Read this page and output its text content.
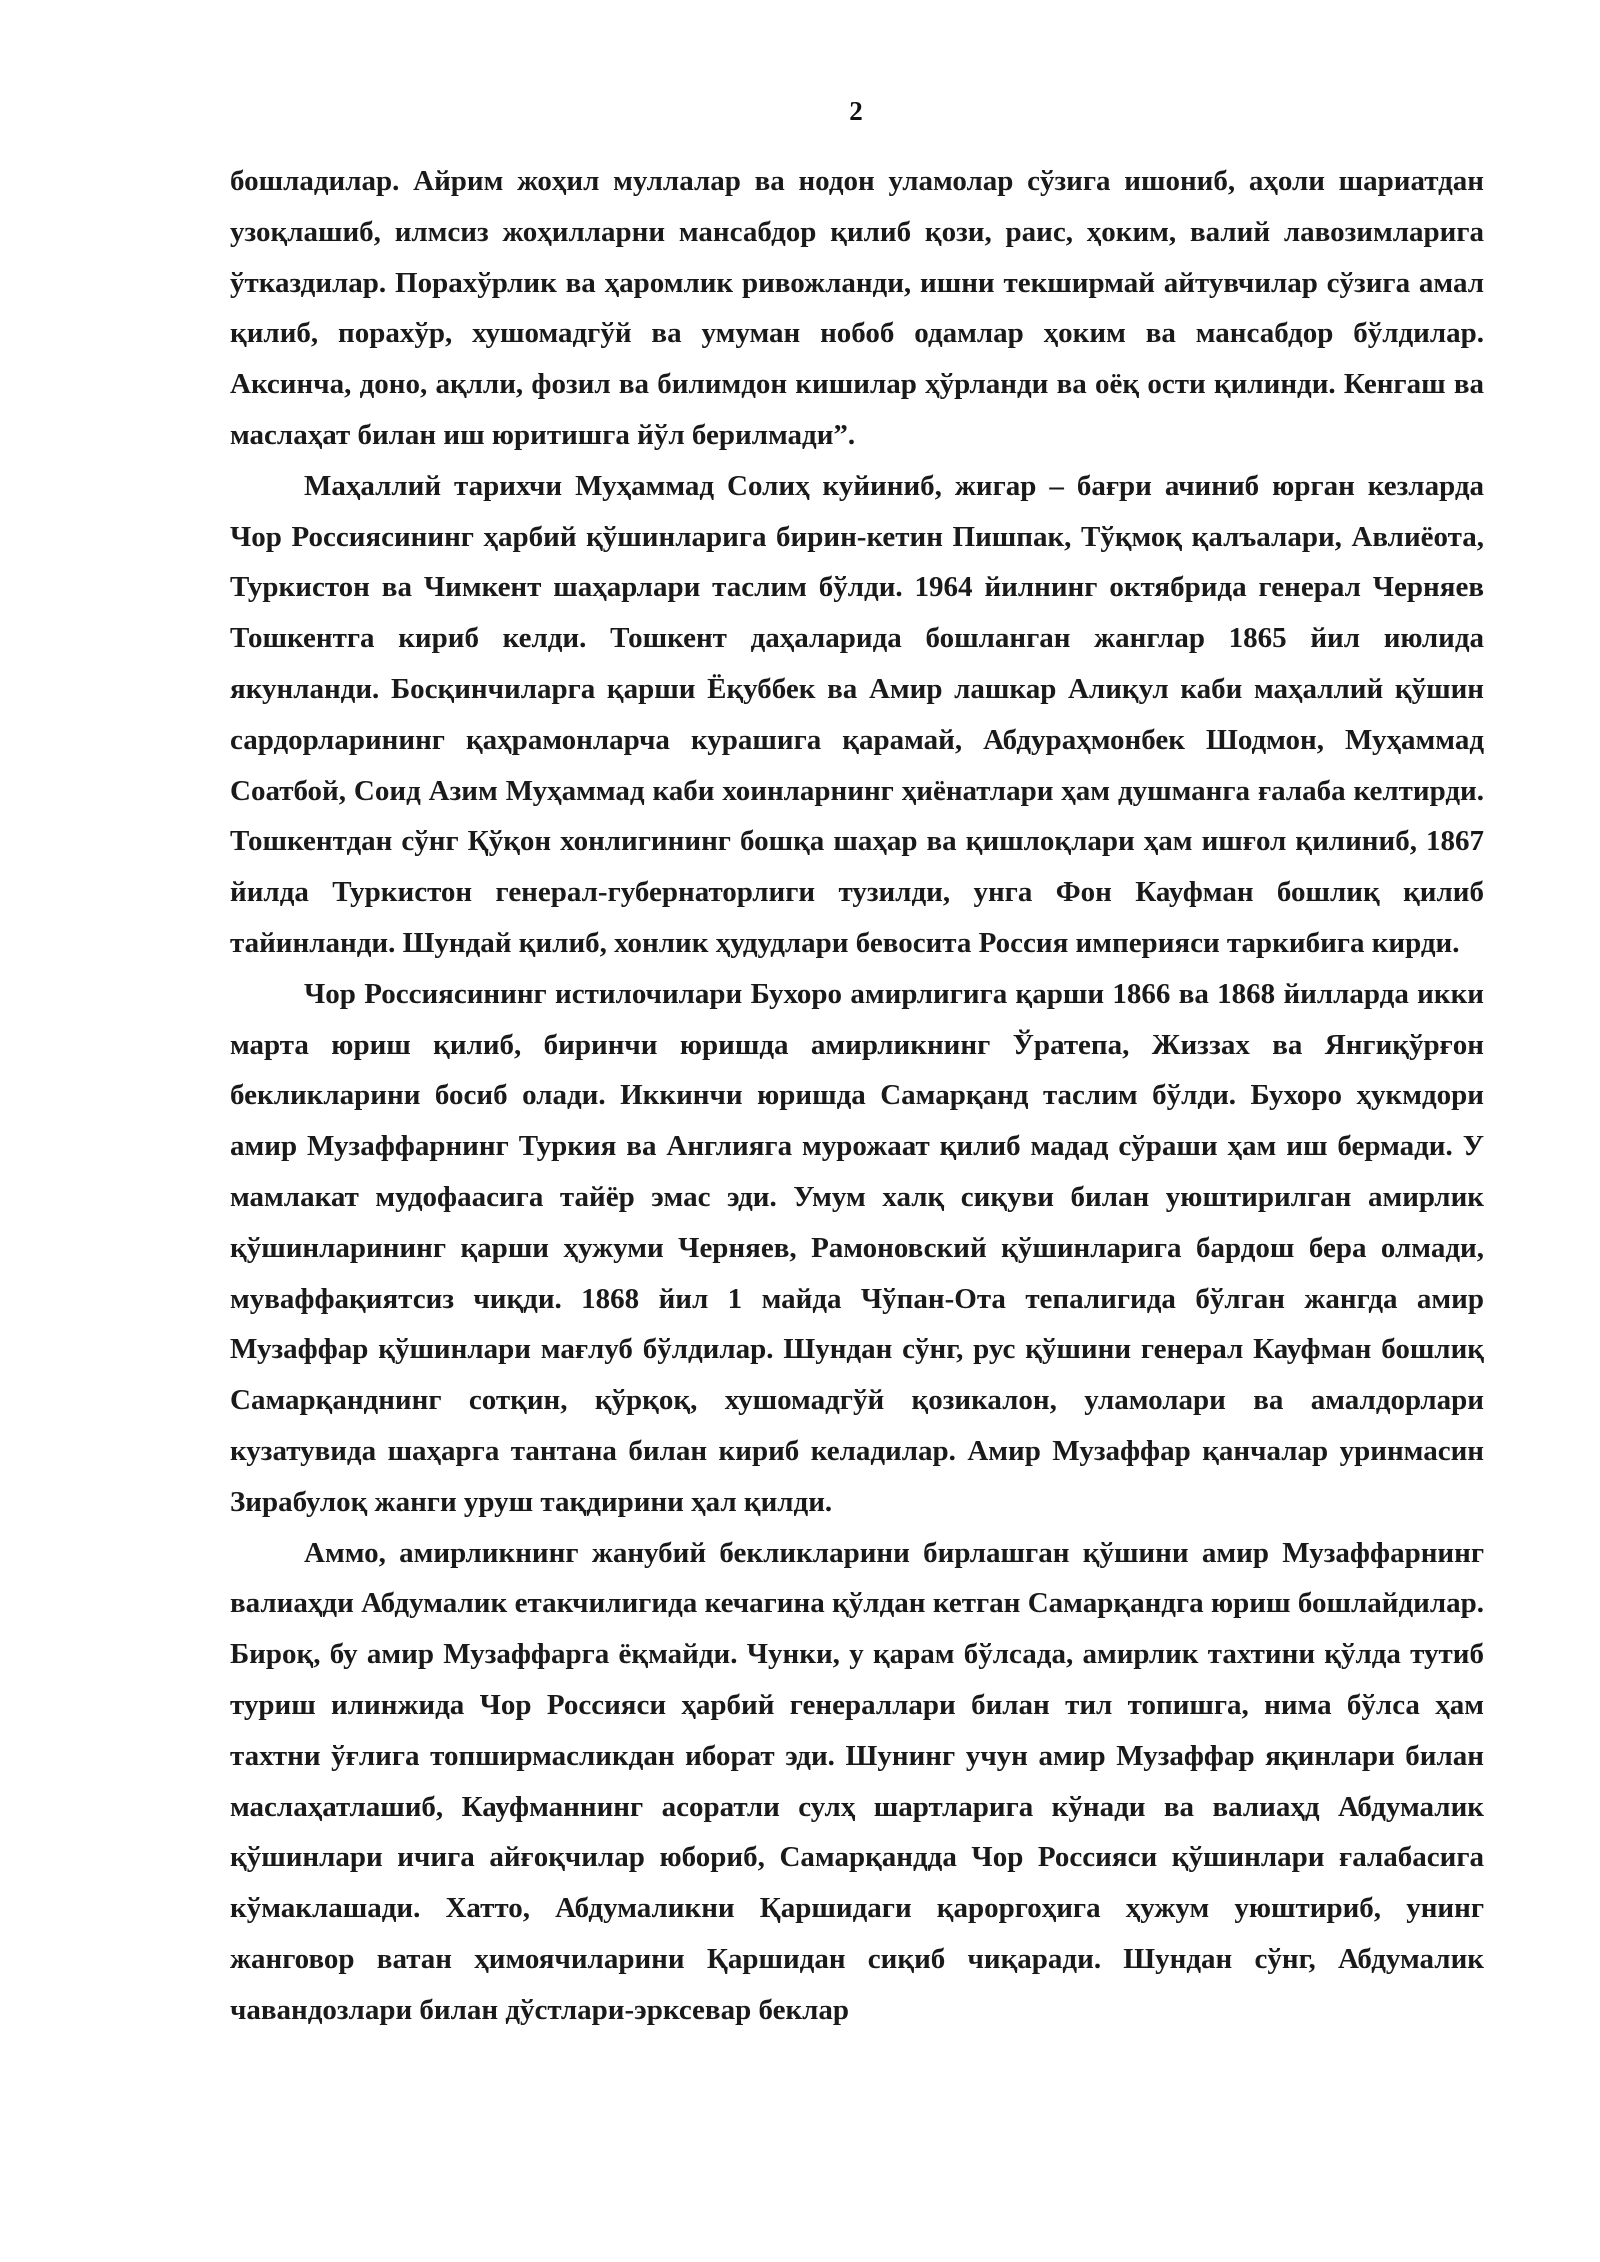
2

бошладилар. Айрим жоҳил муллалар ва нодон уламолар сўзига ишониб, аҳоли шариатдан узоқлашиб, илмсиз жоҳилларни мансабдор қилиб қози, раис, ҳоким, валий лавозимларига ўтказдилар. Порахўрлик ва ҳаромлик ривожланди, ишни текширмай айтувчилар сўзига амал қилиб, порахўр, хушомадгўй ва умуман нобоб одамлар ҳоким ва мансабдор бўлдилар. Аксинча, доно, ақлли, фозил ва билимдон кишилар ҳўрланди ва оёқ ости қилинди. Кенгаш ва маслаҳат билан иш юритишга йўл берилмади”.

Маҳаллий тарихчи Муҳаммад Солиҳ куйиниб, жигар – бағри ачиниб юрган кезларда Чор Россиясининг ҳарбий қўшинларига бирин-кетин Пишпак, Тўқмоқ қалъалари, Авлиёота, Туркистон ва Чимкент шаҳарлари таслим бўлди. 1964 йилнинг октябрида генерал Черняев Тошкентга кириб келди. Тошкент даҳаларида бошланган жанглар 1865 йил июлида якунланди. Босқинчиларга қарши Ёқуббек ва Амир лашкар Алиқул каби маҳаллий қўшин сардорларининг қаҳрамонларча курашига қарамай, Абдураҳмонбек Шодмон, Муҳаммад Соатбой, Соид Азим Муҳаммад каби хоинларнинг ҳиёнатлари ҳам душманга ғалаба келтирди. Тошкентдан сўнг Қўқон хонлигининг бошқа шаҳар ва қишлоқлари ҳам ишғол қилиниб, 1867 йилда Туркистон генерал-губернаторлиги тузилди, унга Фон Кауфман бошлиқ қилиб тайинланди. Шундай қилиб, хонлик ҳудудлари бевосита Россия империяси таркибига кирди.

Чор Россиясининг истилочилари Бухоро амирлигига қарши 1866 ва 1868 йилларда икки марта юриш қилиб, биринчи юришда амирликнинг Ўратепа, Жиззах ва Янгиқўрғон бекликларини босиб олади. Иккинчи юришда Самарқанд таслим бўлди. Бухоро ҳукмдори амир Музаффарнинг Туркия ва Англияга мурожаат қилиб мадад сўраши ҳам иш бермади. У мамлакат мудофаасига тайёр эмас эди. Умум халқ сиқуви билан уюштирилган амирлик қўшинларининг қарши ҳужуми Черняев, Рамоновский қўшинларига бардош бера олмади, муваффақиятсиз чиқди. 1868 йил 1 майда Чўпан-Ота тепалигида бўлган жангда амир Музаффар қўшинлари мағлуб бўлдилар. Шундан сўнг, рус қўшини генерал Кауфман бошлиқ Самарқанднинг сотқин, қўрқоқ, хушомадгўй қозикалон, уламолари ва амалдорлари кузатувида шаҳарга тантана билан кириб келадилар. Амир Музаффар қанчалар уринмасин Зирабулоқ жанги уруш тақдирини ҳал қилди.

Аммо, амирликнинг жанубий бекликларини бирлашган қўшини амир Музаффарнинг валиаҳди Абдумалик етакчилигида кечагина қўлдан кетган Самарқандга юриш бошлайдилар. Бироқ, бу амир Музаффарга ёқмайди. Чунки, у қарам бўлсада, амирлик тахтини қўлда тутиб туриш илинжида Чор Россияси ҳарбий генераллари билан тил топишга, нима бўлса ҳам тахтни ўғлига топширмасликдан иборат эди. Шунинг учун амир Музаффар яқинлари билан маслаҳатлашиб, Кауфманнинг асоратли сулҳ шартларига кўнади ва валиаҳд Абдумалик қўшинлари ичига айғоқчилар юбориб, Самарқандда Чор Россияси қўшинлари ғалабасига кўмаклашади. Хатто, Абдумаликни Қаршидаги қароргоҳига ҳужум уюштириб, унинг жанговор ватан ҳимоячиларини Қаршидан сиқиб чиқаради. Шундан сўнг, Абдумалик чавандозлари билан дўстлари-эрксевар беклар
